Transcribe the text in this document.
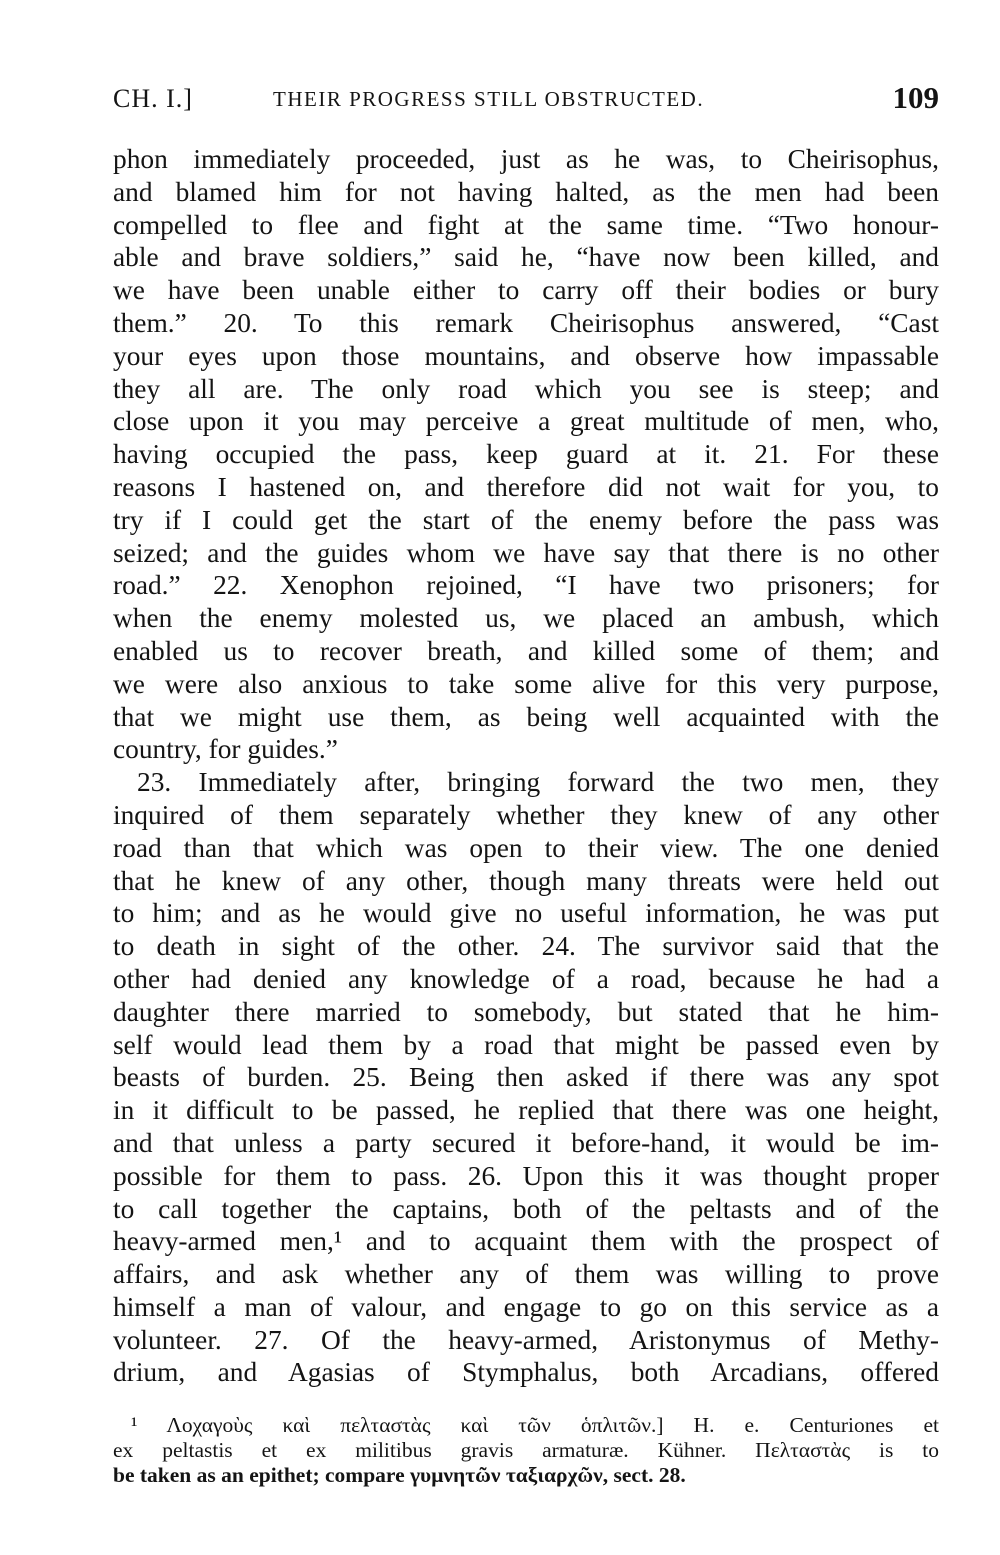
CH. I.]	THEIR PROGRESS STILL OBSTRUCTED.	109
phon immediately proceeded, just as he was, to Cheirisophus,
and blamed him for not having halted, as the men had been
compelled to flee and fight at the same time. “Two honour-
able and brave soldiers,” said he, “have now been killed, and
we have been unable either to carry off their bodies or bury
them.” 20. To this remark Cheirisophus answered, “Cast
your eyes upon those mountains, and observe how impassable
they all are. The only road which you see is steep; and
close upon it you may perceive a great multitude of men, who,
having occupied the pass, keep guard at it. 21. For these
reasons I hastened on, and therefore did not wait for you, to
try if I could get the start of the enemy before the pass was
seized; and the guides whom we have say that there is no other
road.” 22. Xenophon rejoined, “I have two prisoners; for
when the enemy molested us, we placed an ambush, which
enabled us to recover breath, and killed some of them; and
we were also anxious to take some alive for this very purpose,
that we might use them, as being well acquainted with the
country, for guides.”
23. Immediately after, bringing forward the two men, they
inquired of them separately whether they knew of any other
road than that which was open to their view. The one denied
that he knew of any other, though many threats were held out
to him; and as he would give no useful information, he was put
to death in sight of the other. 24. The survivor said that the
other had denied any knowledge of a road, because he had a
daughter there married to somebody, but stated that he him-
self would lead them by a road that might be passed even by
beasts of burden. 25. Being then asked if there was any spot
in it difficult to be passed, he replied that there was one height,
and that unless a party secured it before-hand, it would be im-
possible for them to pass. 26. Upon this it was thought proper
to call together the captains, both of the peltasts and of the
heavy-armed men,¹ and to acquaint them with the prospect of
affairs, and ask whether any of them was willing to prove
himself a man of valour, and engage to go on this service as a
volunteer. 27. Of the heavy-armed, Aristonymus of Methy-
drium, and Agasias of Stymphalus, both Arcadians, offered
¹ Λοχαγοὺς καὶ πελταστὰς καὶ τῶν ὁπλιτῶν.] H. e. Centuriones et
ex peltastis et ex militibus gravis armaturæ. Kühner. Πελταστὰς is to
be taken as an epithet; compare γυμνητῶν ταξιαρχῶν, sect. 28.
